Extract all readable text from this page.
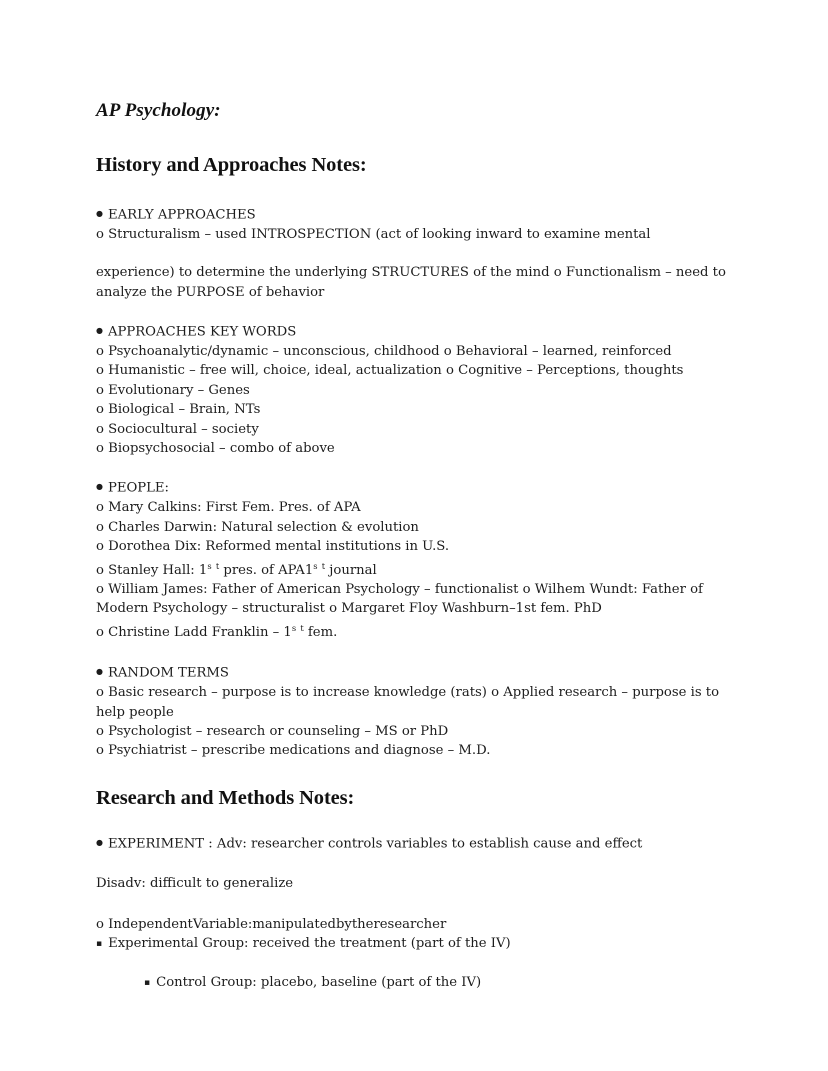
AP Psychology:
History and Approaches Notes:
● EARLY APPROACHES
o Structuralism – used INTROSPECTION (act of looking inward to examine mental
experience) to determine the underlying STRUCTURES of the mind o Functionalism – need to analyze the PURPOSE of behavior
● APPROACHES KEY WORDS
o Psychoanalytic/dynamic – unconscious, childhood o Behavioral – learned, reinforced
o Humanistic – free will, choice, ideal, actualization o Cognitive – Perceptions, thoughts
o Evolutionary – Genes
o Biological – Brain, NTs
o Sociocultural – society
o Biopsychosocial – combo of above
● PEOPLE:
o Mary Calkins: First Fem. Pres. of APA
o Charles Darwin: Natural selection & evolution
o Dorothea Dix: Reformed mental institutions in U.S.
o Stanley Hall: 1$^s$ $^t$ pres. of APA1$^s$ $^t$ journal
o William James: Father of American Psychology – functionalist o Wilhem Wundt: Father of Modern Psychology – structuralist o Margaret Floy Washburn–1st fem. PhD
o Christine Ladd Franklin – 1$^s$ $^t$ fem.
● RANDOM TERMS
o Basic research – purpose is to increase knowledge (rats) o Applied research – purpose is to help people
o Psychologist – research or counseling – MS or PhD
o Psychiatrist – prescribe medications and diagnose – M.D.
Research and Methods Notes:
● EXPERIMENT : Adv: researcher controls variables to establish cause and effect
Disadv: difficult to generalize
o IndependentVariable:manipulatedbytheresearcher
▪ Experimental Group: received the treatment (part of the IV)
▪ Control Group: placebo, baseline (part of the IV)
